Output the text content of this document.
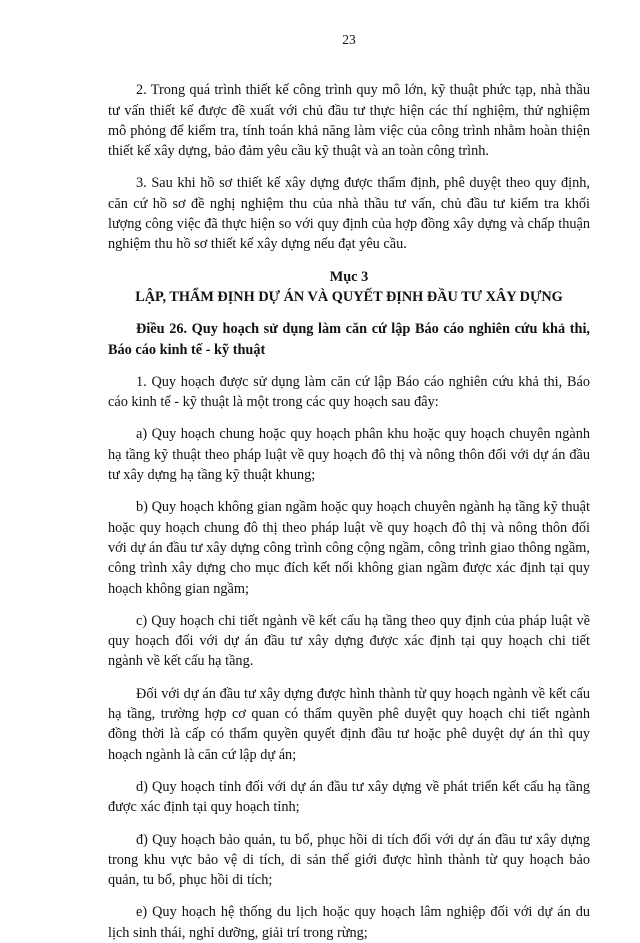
23

2. Trong quá trình thiết kế công trình quy mô lớn, kỹ thuật phức tạp, nhà thầu tư vấn thiết kế được đề xuất với chủ đầu tư thực hiện các thí nghiệm, thử nghiệm mô phỏng để kiểm tra, tính toán khả năng làm việc của công trình nhằm hoàn thiện thiết kế xây dựng, bảo đảm yêu cầu kỹ thuật và an toàn công trình.

3. Sau khi hồ sơ thiết kế xây dựng được thẩm định, phê duyệt theo quy định, căn cứ hồ sơ đề nghị nghiệm thu của nhà thầu tư vấn, chủ đầu tư kiểm tra khối lượng công việc đã thực hiện so với quy định của hợp đồng xây dựng và chấp thuận nghiệm thu hồ sơ thiết kế xây dựng nếu đạt yêu cầu.

Mục 3

LẬP, THẨM ĐỊNH DỰ ÁN VÀ QUYẾT ĐỊNH ĐẦU TƯ XÂY DỰNG

Điều 26. Quy hoạch sử dụng làm căn cứ lập Báo cáo nghiên cứu khả thi, Báo cáo kinh tế - kỹ thuật

1. Quy hoạch được sử dụng làm căn cứ lập Báo cáo nghiên cứu khả thi, Báo cáo kinh tế - kỹ thuật là một trong các quy hoạch sau đây:

a) Quy hoạch chung hoặc quy hoạch phân khu hoặc quy hoạch chuyên ngành hạ tầng kỹ thuật theo pháp luật về quy hoạch đô thị và nông thôn đối với dự án đầu tư xây dựng hạ tầng kỹ thuật khung;

b) Quy hoạch không gian ngầm hoặc quy hoạch chuyên ngành hạ tầng kỹ thuật hoặc quy hoạch chung đô thị theo pháp luật về quy hoạch đô thị và nông thôn đối với dự án đầu tư xây dựng công trình công cộng ngầm, công trình giao thông ngầm, công trình xây dựng cho mục đích kết nối không gian ngầm được xác định tại quy hoạch không gian ngầm;

c) Quy hoạch chi tiết ngành về kết cấu hạ tầng theo quy định của pháp luật về quy hoạch đối với dự án đầu tư xây dựng được xác định tại quy hoạch chi tiết ngành về kết cấu hạ tầng.

Đối với dự án đầu tư xây dựng được hình thành từ quy hoạch ngành về kết cấu hạ tầng, trường hợp cơ quan có thẩm quyền phê duyệt quy hoạch chi tiết ngành đồng thời là cấp có thẩm quyền quyết định đầu tư hoặc phê duyệt dự án thì quy hoạch ngành là căn cứ lập dự án;

d) Quy hoạch tỉnh đối với dự án đầu tư xây dựng về phát triển kết cấu hạ tầng được xác định tại quy hoạch tỉnh;

đ) Quy hoạch bảo quản, tu bổ, phục hồi di tích đối với dự án đầu tư xây dựng trong khu vực bảo vệ di tích, di sản thế giới được hình thành từ quy hoạch bảo quản, tu bổ, phục hồi di tích;

e) Quy hoạch hệ thống du lịch hoặc quy hoạch lâm nghiệp đối với dự án du lịch sinh thái, nghỉ dưỡng, giải trí trong rừng;
